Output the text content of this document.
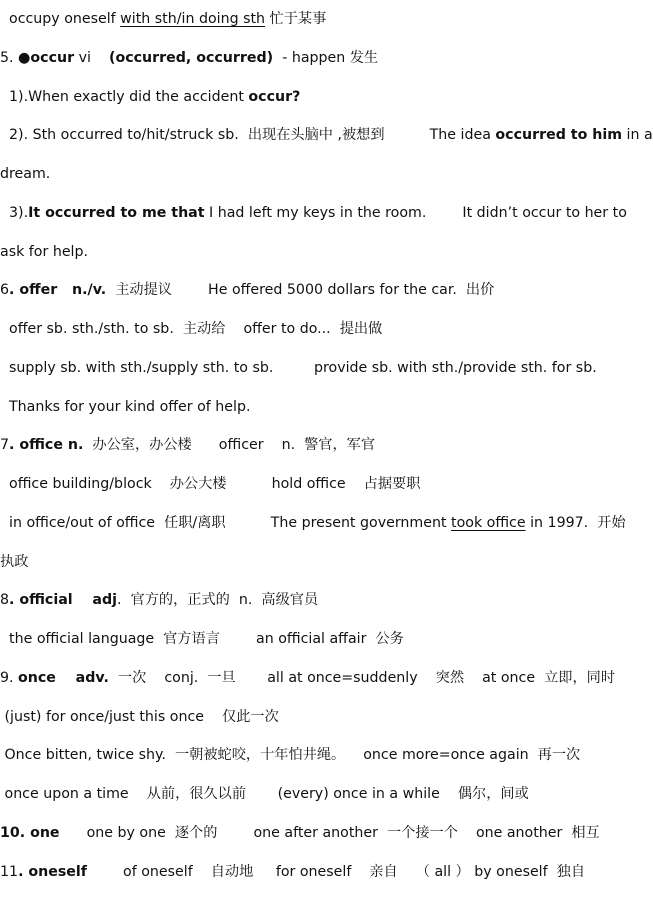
occupy oneself with sth/in doing sth 忙于某事
5. ●occur vi    (occurred, occurred)  - happen 发生
1).When exactly did the accident occur?
2). Sth occurred to/hit/struck sb.  出现在头脑中 ,被想到          The idea occurred to him in a
dream.
3).It occurred to me that I had left my keys in the room.        It didn’t occur to her to
ask for help.
6. offer   n./v.  主动提议        He offered 5000 dollars for the car.  出价
offer sb. sth./sth. to sb.  主动给    offer to do...  提出做
supply sb. with sth./supply sth. to sb.         provide sb. with sth./provide sth. for sb.
Thanks for your kind offer of help.
7. office n.  办公室，办公楼      officer    n.  警官，军官
office building/block    办公大楼          hold office    占据要职
in office/out of office  任职/离职          The present government took office in 1997.  开始
执政
8. official    adj.  官方的，正式的  n.  高级官员
the official language  官方语言        an official affair  公务
9. once    adv.  一次    conj.  一旦       all at once=suddenly    突然    at once  立即，同时
(just) for once/just this once    仅此一次
Once bitten, twice shy.  一朝被蛇咬，十年怕井绳。    once more=once again  再一次
once upon a time    从前，很久以前       (every) once in a while    偶尔，间或
10. one      one by one  逐个的        one after another  一个接一个    one another  相互
11. oneself        of oneself    自动地     for oneself    亲自    （ all ） by oneself  独自
